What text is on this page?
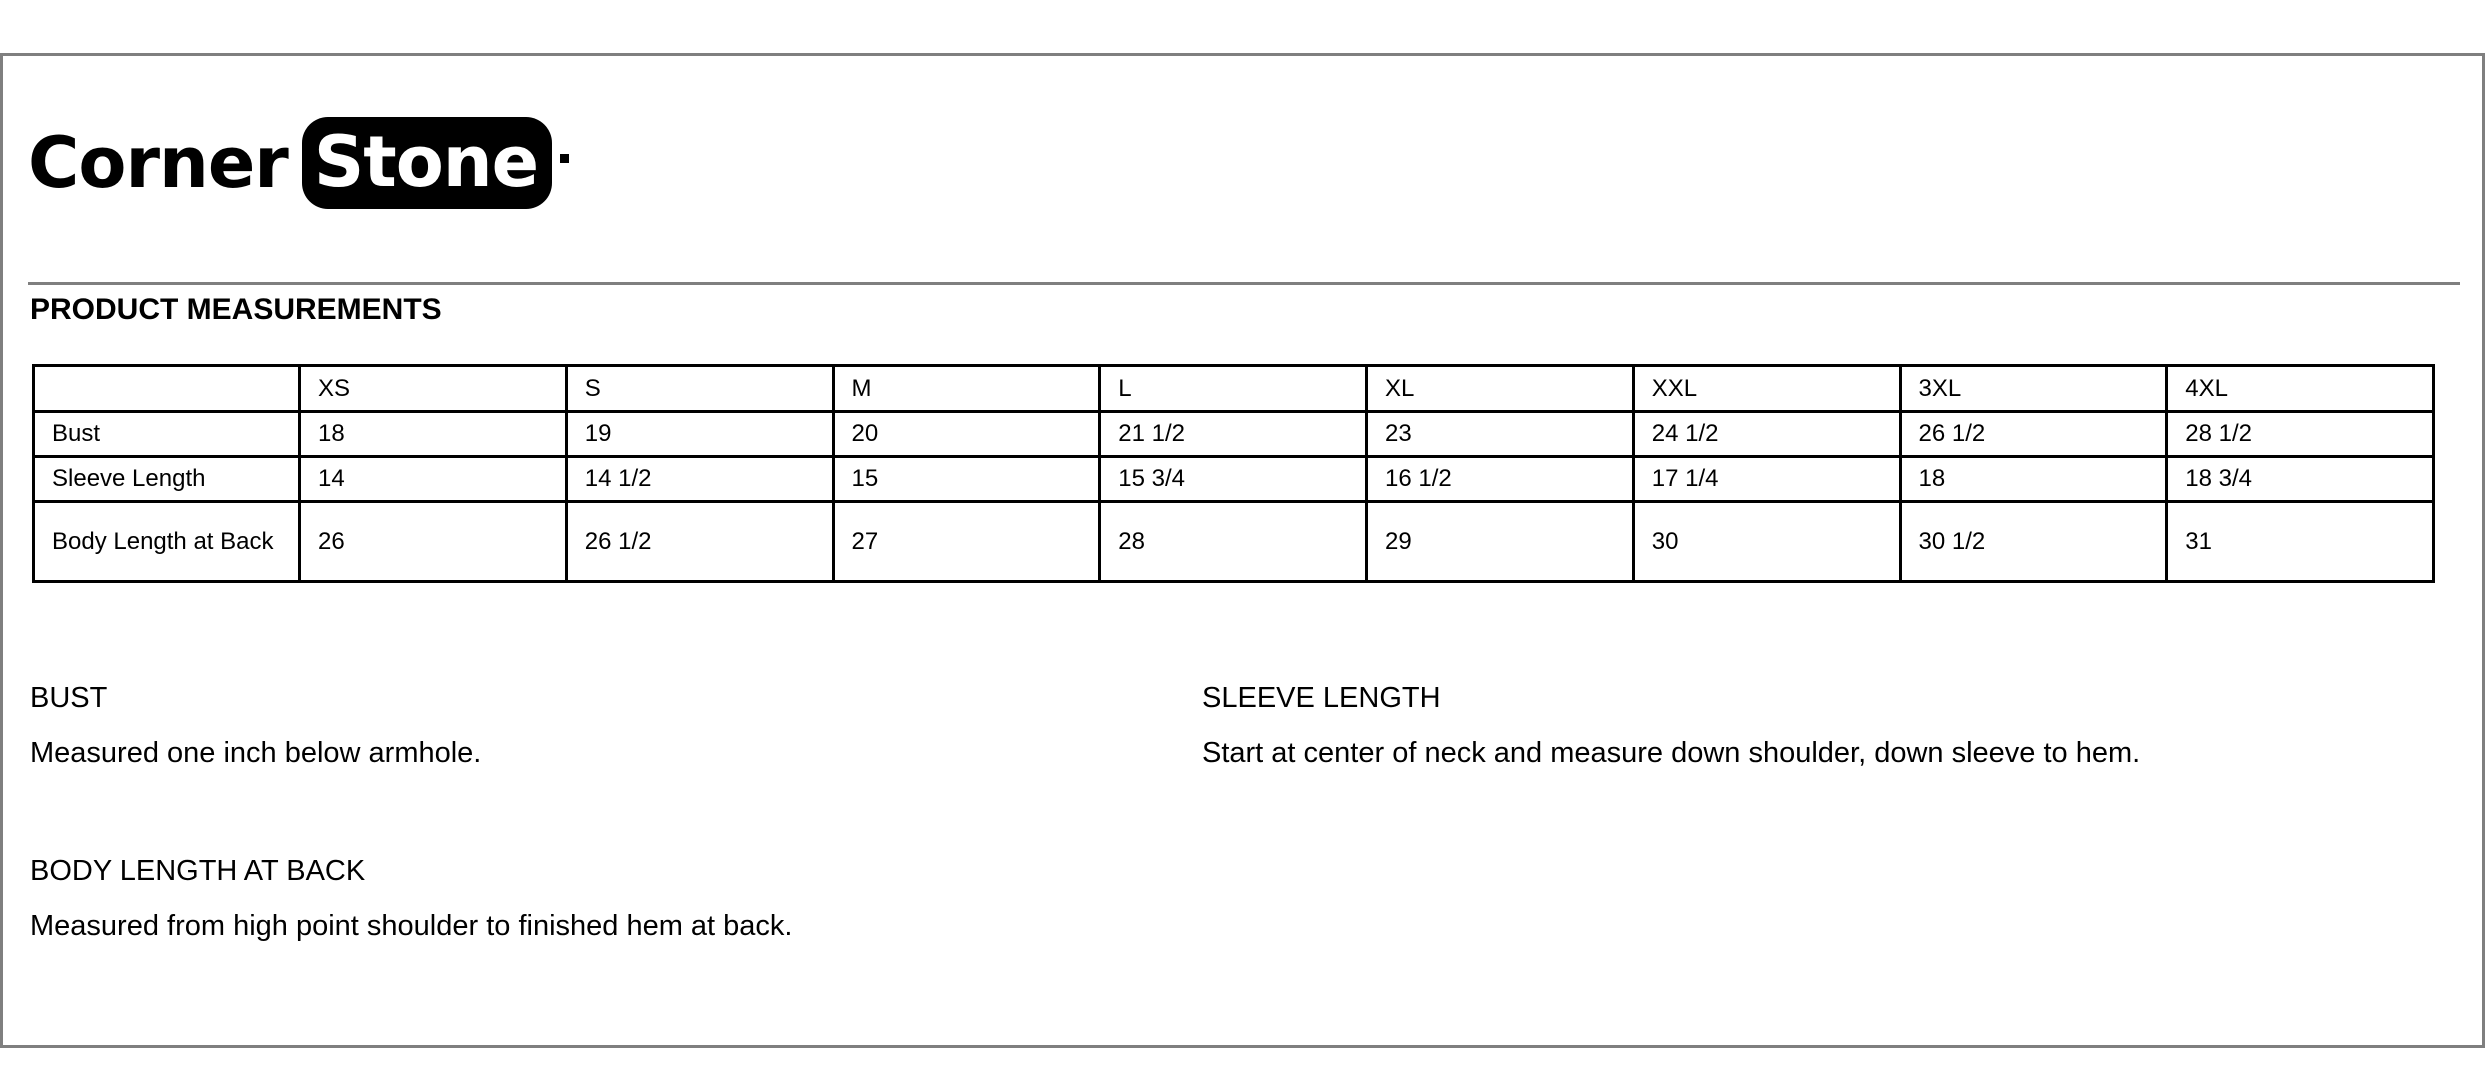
Corner Stone
PRODUCT MEASUREMENTS
	XS	S	M	L	XL	XXL	3XL	4XL
Bust	18	19	20	21 1/2	23	24 1/2	26 1/2	28 1/2
Sleeve Length	14	14 1/2	15	15 3/4	16 1/2	17 1/4	18	18 3/4
Body Length at Back	26	26 1/2	27	28	29	30	30 1/2	31
BUST
Measured one inch below armhole.
SLEEVE LENGTH
Start at center of neck and measure down shoulder, down sleeve to hem.
BODY LENGTH AT BACK
Measured from high point shoulder to finished hem at back.
